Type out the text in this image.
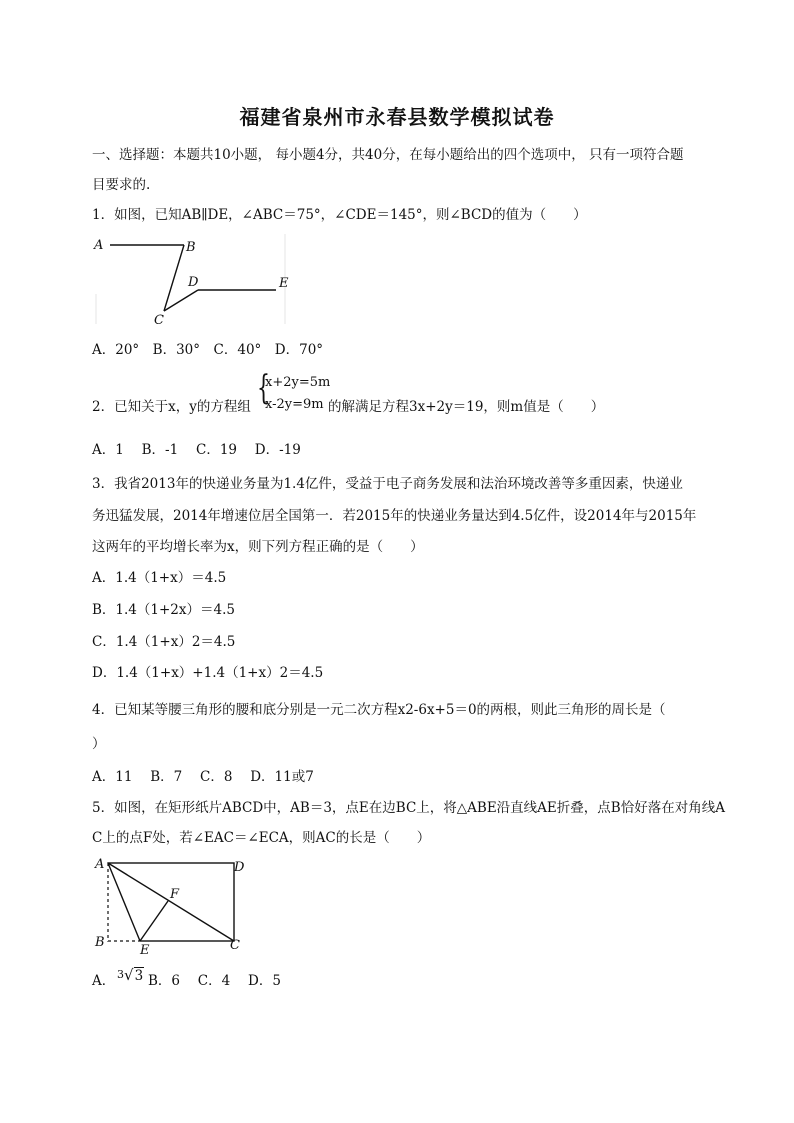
福建省泉州市永春县数学模拟试卷
一、选择题：本题共10小题， 每小题4分，共40分，在每小题给出的四个选项中， 只有一项符合题
目要求的.
1．如图，已知AB∥DE，∠ABC＝75°，∠CDE＝145°，则∠BCD的值为（　　）
A	B
D	E
C
A．20°　B．30°　C．40°　D．70°
2．已知关于x，y的方程组 {
x+2y=5m
x-2y=9m 的解满足方程3x+2y＝19，则m值是（　　）
A．1　 B．-1　 C．19　 D．-19
3．我省2013年的快递业务量为1.4亿件，受益于电子商务发展和法治环境改善等多重因素，快递业
务迅猛发展，2014年增速位居全国第一．若2015年的快递业务量达到4.5亿件，设2014年与2015年
这两年的平均增长率为x，则下列方程正确的是（　　）
A．1.4（1+x）＝4.5
B．1.4（1+2x）＝4.5
C．1.4（1+x）2＝4.5
D．1.4（1+x）+1.4（1+x）2＝4.5
4．已知某等腰三角形的腰和底分别是一元二次方程x2-6x+5＝0的两根，则此三角形的周长是（
）
A．11　 B．7　 C．8　 D．11或7
5．如图，在矩形纸片ABCD中，AB＝3，点E在边BC上，将△ABE沿直线AE折叠，点B恰好落在对角线A
C上的点F处，若∠EAC＝∠ECA，则AC的长是（　　）
A	D
F
B
E	C
A． 3√3 B．6　 C．4　 D．5
